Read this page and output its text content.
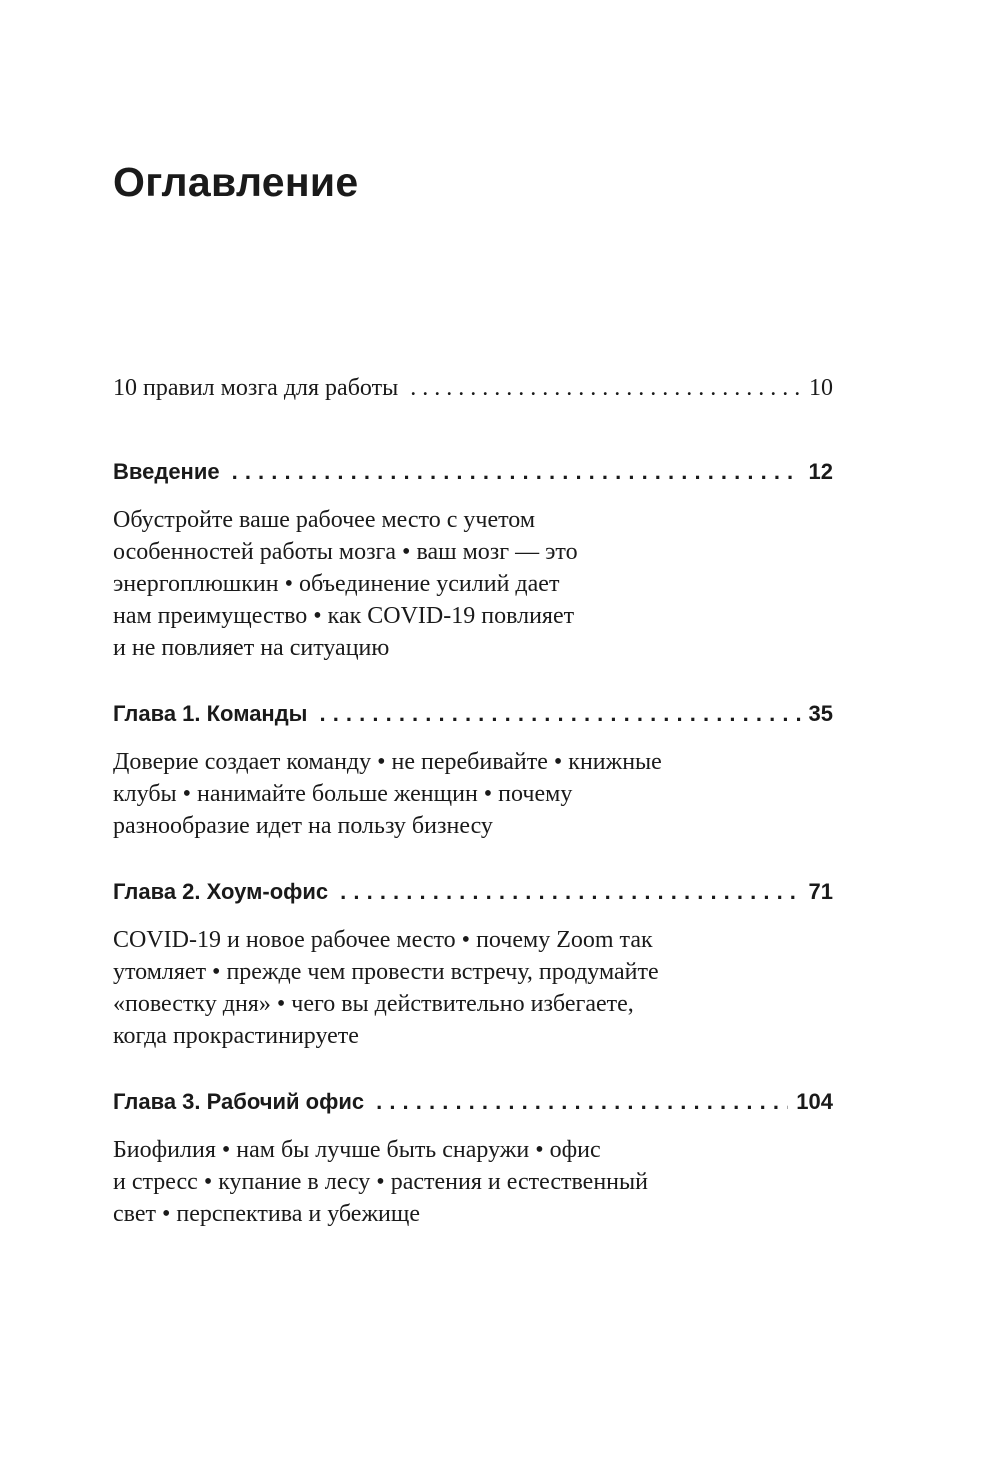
Оглавление
10 правил мозга для работы . . .	10
Введение . . .	12
Обустройте ваше рабочее место с учетом
особенностей работы мозга • ваш мозг — это
энергоплюшкин • объединение усилий дает
нам преимущество • как COVID-19 повлияет
и не повлияет на ситуацию
Глава 1. Команды . . .	35
Доверие создает команду • не перебивайте • книжные
клубы • нанимайте больше женщин • почему
разнообразие идет на пользу бизнесу
Глава 2. Хоум-офис . . .	71
COVID-19 и новое рабочее место • почему Zoom так
утомляет • прежде чем провести встречу, продумайте
«повестку дня» • чего вы действительно избегаете,
когда прокрастинируете
Глава 3. Рабочий офис . . .	104
Биофилия • нам бы лучше быть снаружи • офис
и стресс • купание в лесу • растения и естественный
свет • перспектива и убежище
